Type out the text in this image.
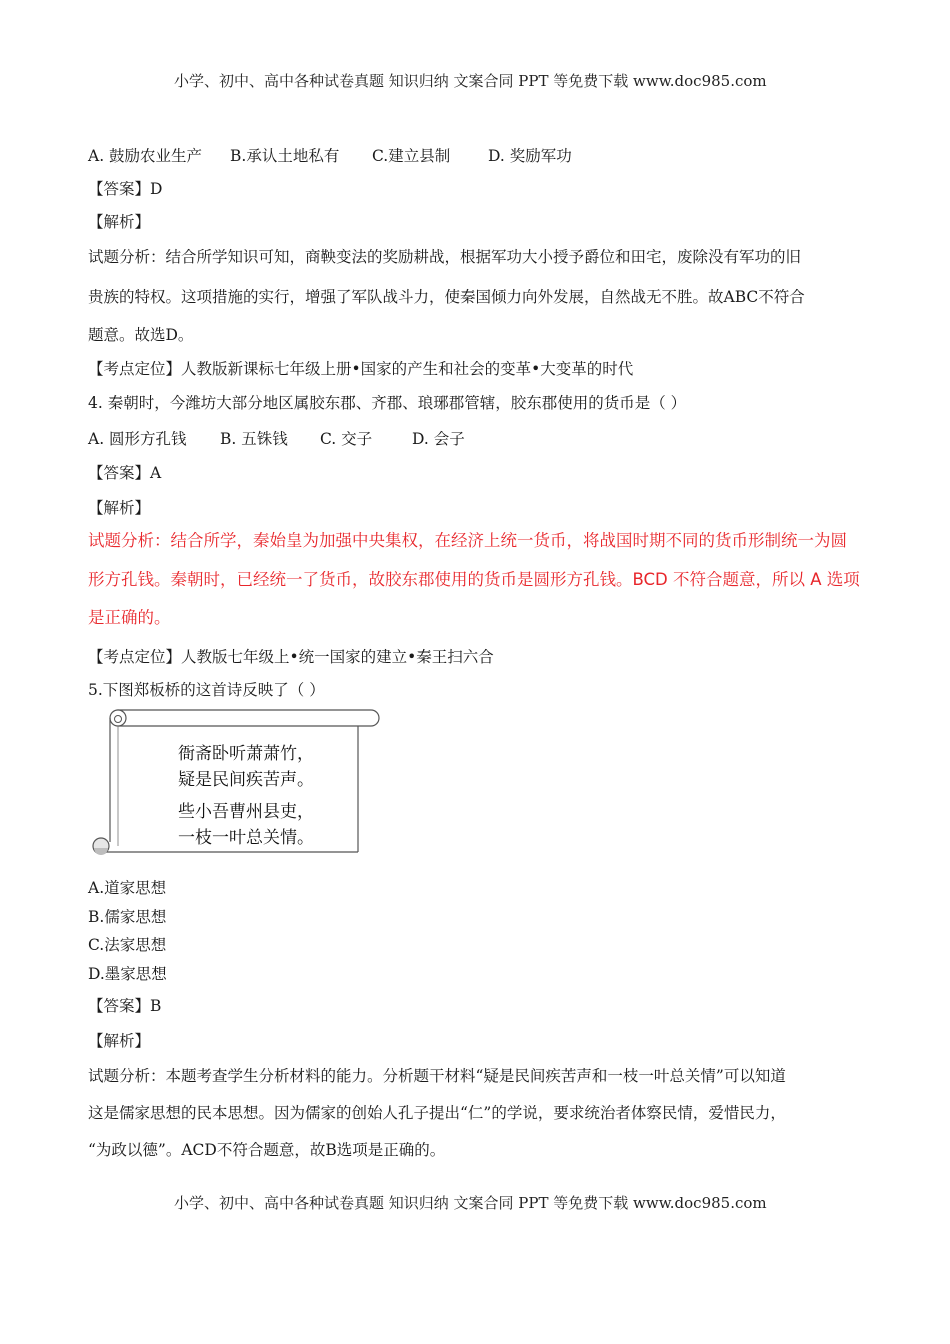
小学、初中、高中各种试卷真题 知识归纳 文案合同 PPT 等免费下载 www.doc985.com
A. 鼓励农业生产 B.承认土地私有 C.建立县制 D. 奖励军功
【答案】D
【解析】
试题分析：结合所学知识可知，商鞅变法的奖励耕战，根据军功大小授予爵位和田宅，废除没有军功的旧
贵族的特权。这项措施的实行，增强了军队战斗力，使秦国倾力向外发展，自然战无不胜。故ABC不符合
题意。故选D。
【考点定位】人教版新课标七年级上册•国家的产生和社会的变革•大变革的时代
4. 秦朝时，今潍坊大部分地区属胶东郡、齐郡、琅琊郡管辖，胶东郡使用的货币是（ ）
A. 圆形方孔钱 B. 五铢钱 C. 交子	D. 会子
【答案】A
【解析】
试题分析：结合所学，秦始皇为加强中央集权，在经济上统一货币，将战国时期不同的货币形制统一为圆
形方孔钱。秦朝时，已经统一了货币，故胶东郡使用的货币是圆形方孔钱。BCD 不符合题意，所以 A 选项
是正确的。
【考点定位】人教版七年级上•统一国家的建立•秦王扫六合
5.下图郑板桥的这首诗反映了（ ）
衙斋卧听萧萧竹，
疑是民间疾苦声。
些小吾曹州县吏，
一枝一叶总关情。
A.道家思想
B.儒家思想
C.法家思想
D.墨家思想
【答案】B
【解析】
试题分析：本题考查学生分析材料的能力。分析题干材料“疑是民间疾苦声和一枝一叶总关情”可以知道
这是儒家思想的民本思想。因为儒家的创始人孔子提出“仁”的学说，要求统治者体察民情，爱惜民力，
“为政以德”。ACD不符合题意，故B选项是正确的。
小学、初中、高中各种试卷真题 知识归纳 文案合同 PPT 等免费下载 www.doc985.com
